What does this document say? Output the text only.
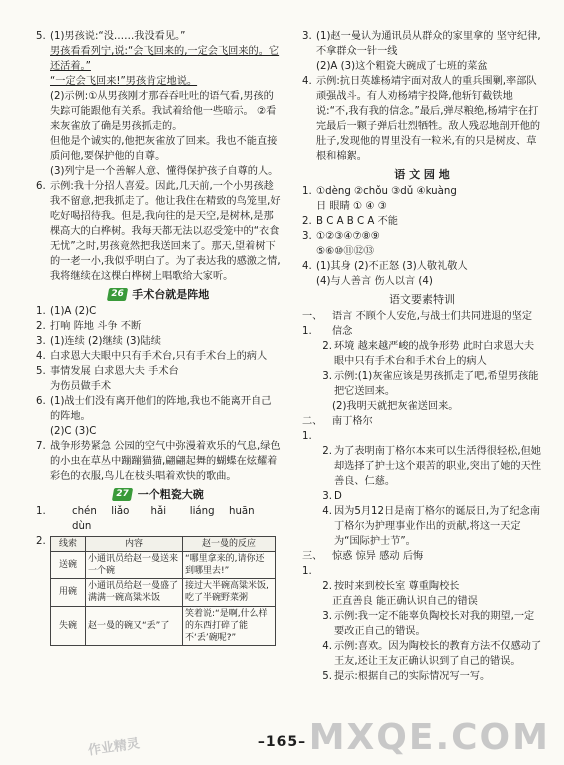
5. (1)男孩说:“没……我没看见。”
男孩看看列宁,说:“会飞回来的,一定会飞回来的。它还活着。”
“一定会飞回来!”男孩肯定地说。
(2)示例:①从男孩刚才那吞吞吐吐的语气看,男孩的失踪可能跟他有关系。我试着给他一些暗示。 ②看来灰雀放了确是男孩抓走的。
但他是个诚实的,他把灰雀放了回来。我也不能直接质问他,要保护他的自尊。
(3)列宁是一个善解人意、懂得保护孩子自尊的人。
6. 示例:我十分招人喜爱。因此,几天前,一个小男孩趁我不留意,把我抓走了。他让我住在精致的鸟笼里,好吃好喝招待我。但是,我向往的是天空,是树林,是那棵高大的白桦树。我每天都无法以忍受笼中的“衣食无忧”之时,男孩竟然把我送回来了。那天,望着树下的一老一小,我似乎明白了。为了表达我的感激之情,我将继续在这棵白桦树上唱歌给大家听。
26 手术台就是阵地
1. (1)A (2)C
2. 打响 阵地 斗争 不断
3. (1)连续 (2)继续 (3)陆续
4. 白求恩大夫眼中只有手术台,只有手术台上的病人
5. 事情发展 白求恩大夫 手术台
为伤员做手术
6. (1)战士们没有离开他们的阵地,我也不能离开自己的阵地。
(2)C (3)C
7. 战争形势紧急 公园的空气中弥漫着欢乐的气息,绿色的小虫在草丛中蹦蹦猫猫,翩翩起舞的蝴蝶在炫耀着彩色的衣服,鸟儿在枝头唱着欢快的歌曲。
27 一个粗瓷大碗
1.	chén liǎo hǎi liáng huān dùn
2.	线索	内容	赵一曼的反应
送碗	小通讯员给赵一曼送来一个碗	“哪里拿来的,请你还到哪里去!”
用碗	小通讯员给赵一曼盛了满满一碗高粱米饭	接过大半碗高粱米饭,吃了半碗野菜粥
失碗	赵一曼的碗又“丢”了	笑着说:“是啊,什么样的东西打碎了能不‘丢’碗呢?”
3. (1)赵一曼认为通讯员从群众的家里拿的 坚守纪律,不拿群众一针一线
(2)A (3)这个粗瓷大碗成了七班的菜盆
4. 示例:抗日英雄杨靖宇面对敌人的重兵围剿,率部队顽强战斗。有人劝杨靖宇投降,他斩钉截铁地说:“不,我有我的信念。”最后,弹尽粮绝,杨靖宇在打完最后一颗子弹后壮烈牺牲。敌人残忍地剖开他的肚子,发现他的胃里没有一粒米,有的只是树皮、草根和棉絮。
语 文 园 地
1. ①dèng ②chǒu ③dǔ ④kuàng
日 眼睛 ① ④ ③
2. B C A B C A 不能
3. ①②③④⑦⑧⑨
⑤⑥⑩⑪⑫⑬
4. (1)其身 (2)不正怒 (3)人敬礼敬人
(4)与人善言 伤人以言 (4)
语文要素特训
一、1.
语言 不顾个人安危,与战士们共同进退的坚定信念
2. 环境 越来越严峻的战争形势 此时白求恩大夫眼中只有手术台和手术台上的病人
3. 示例:(1)灰雀应该是男孩抓走了吧,希望男孩能把它送回来。
(2)我明天就把灰雀送回来。
二、1.
南丁格尔
2. 为了表明南丁格尔本来可以生活得很轻松,但她却选择了护士这个艰苦的职业,突出了她的天性善良、仁慈。
3. D
4. 因为5月12日是南丁格尔的诞辰日,为了纪念南丁格尔为护理事业作出的贡献,将这一天定为“国际护士节”。
三、1.
惊惑 惊异 感动 后悔
2. 按时来到校长室 尊重陶校长
正直善良 能正确认识自己的错误
3. 示例:我一定不能辜负陶校长对我的期望,一定要改正自己的错误。
4. 示例:喜欢。因为陶校长的教育方法不仅感动了王友,还让王友正确认识到了自己的错误。
5. 提示:根据自己的实际情况写一写。
–165– MXQE.COM
作业精灵
